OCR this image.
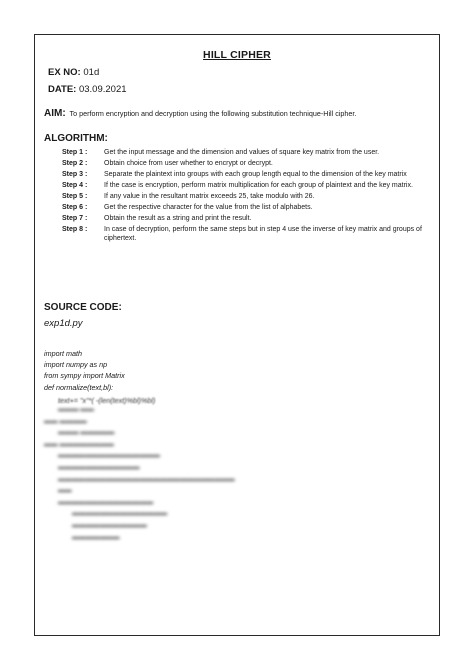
HILL CIPHER
EX NO: 01d
DATE: 03.09.2021
AIM: To perform encryption and decryption using the following substitution technique-Hill cipher.
ALGORITHM:
Step 1 :	Get the input message and the dimension and values of square key matrix from the user.
Step 2 :	Obtain choice from user whether to encrypt or decrypt.
Step 3 :	Separate the plaintext into groups with each group length equal to the dimension of the key matrix
Step 4 :	If the case is encryption, perform matrix multiplication for each group of plaintext and the key matrix.
Step 5 :	If any value in the resultant matrix exceeds 25, take modulo with 26.
Step 6 :	Get the respective character for the value from the list of alphabets.
Step 7 :	Obtain the result as a string and print the result.
Step 8 :	In case of decryption, perform the same steps but in step 4 use the inverse of key matrix and groups of ciphertext.
SOURCE CODE:
exp1d.py
import math
import numpy as np
from sympy import Matrix
def normalize(text,bl):
text+= "x"*( -(len(text)%bl)%bl)
▬▬▬ ▬▬
▬▬ ▬▬▬▬
▬▬▬ ▬▬▬▬▬
▬▬ ▬▬▬▬▬▬▬▬
▬▬▬▬▬▬▬▬▬▬▬▬▬▬▬
▬▬▬▬▬▬▬▬▬▬▬▬
▬▬▬▬▬▬▬▬▬▬▬▬▬▬▬▬▬▬▬▬▬▬▬▬▬▬
▬▬
▬▬▬▬▬▬▬▬▬▬▬▬▬▬
▬▬▬▬▬▬▬▬▬▬▬▬▬▬
▬▬▬▬▬▬▬▬▬▬▬
▬▬▬▬▬▬▬
